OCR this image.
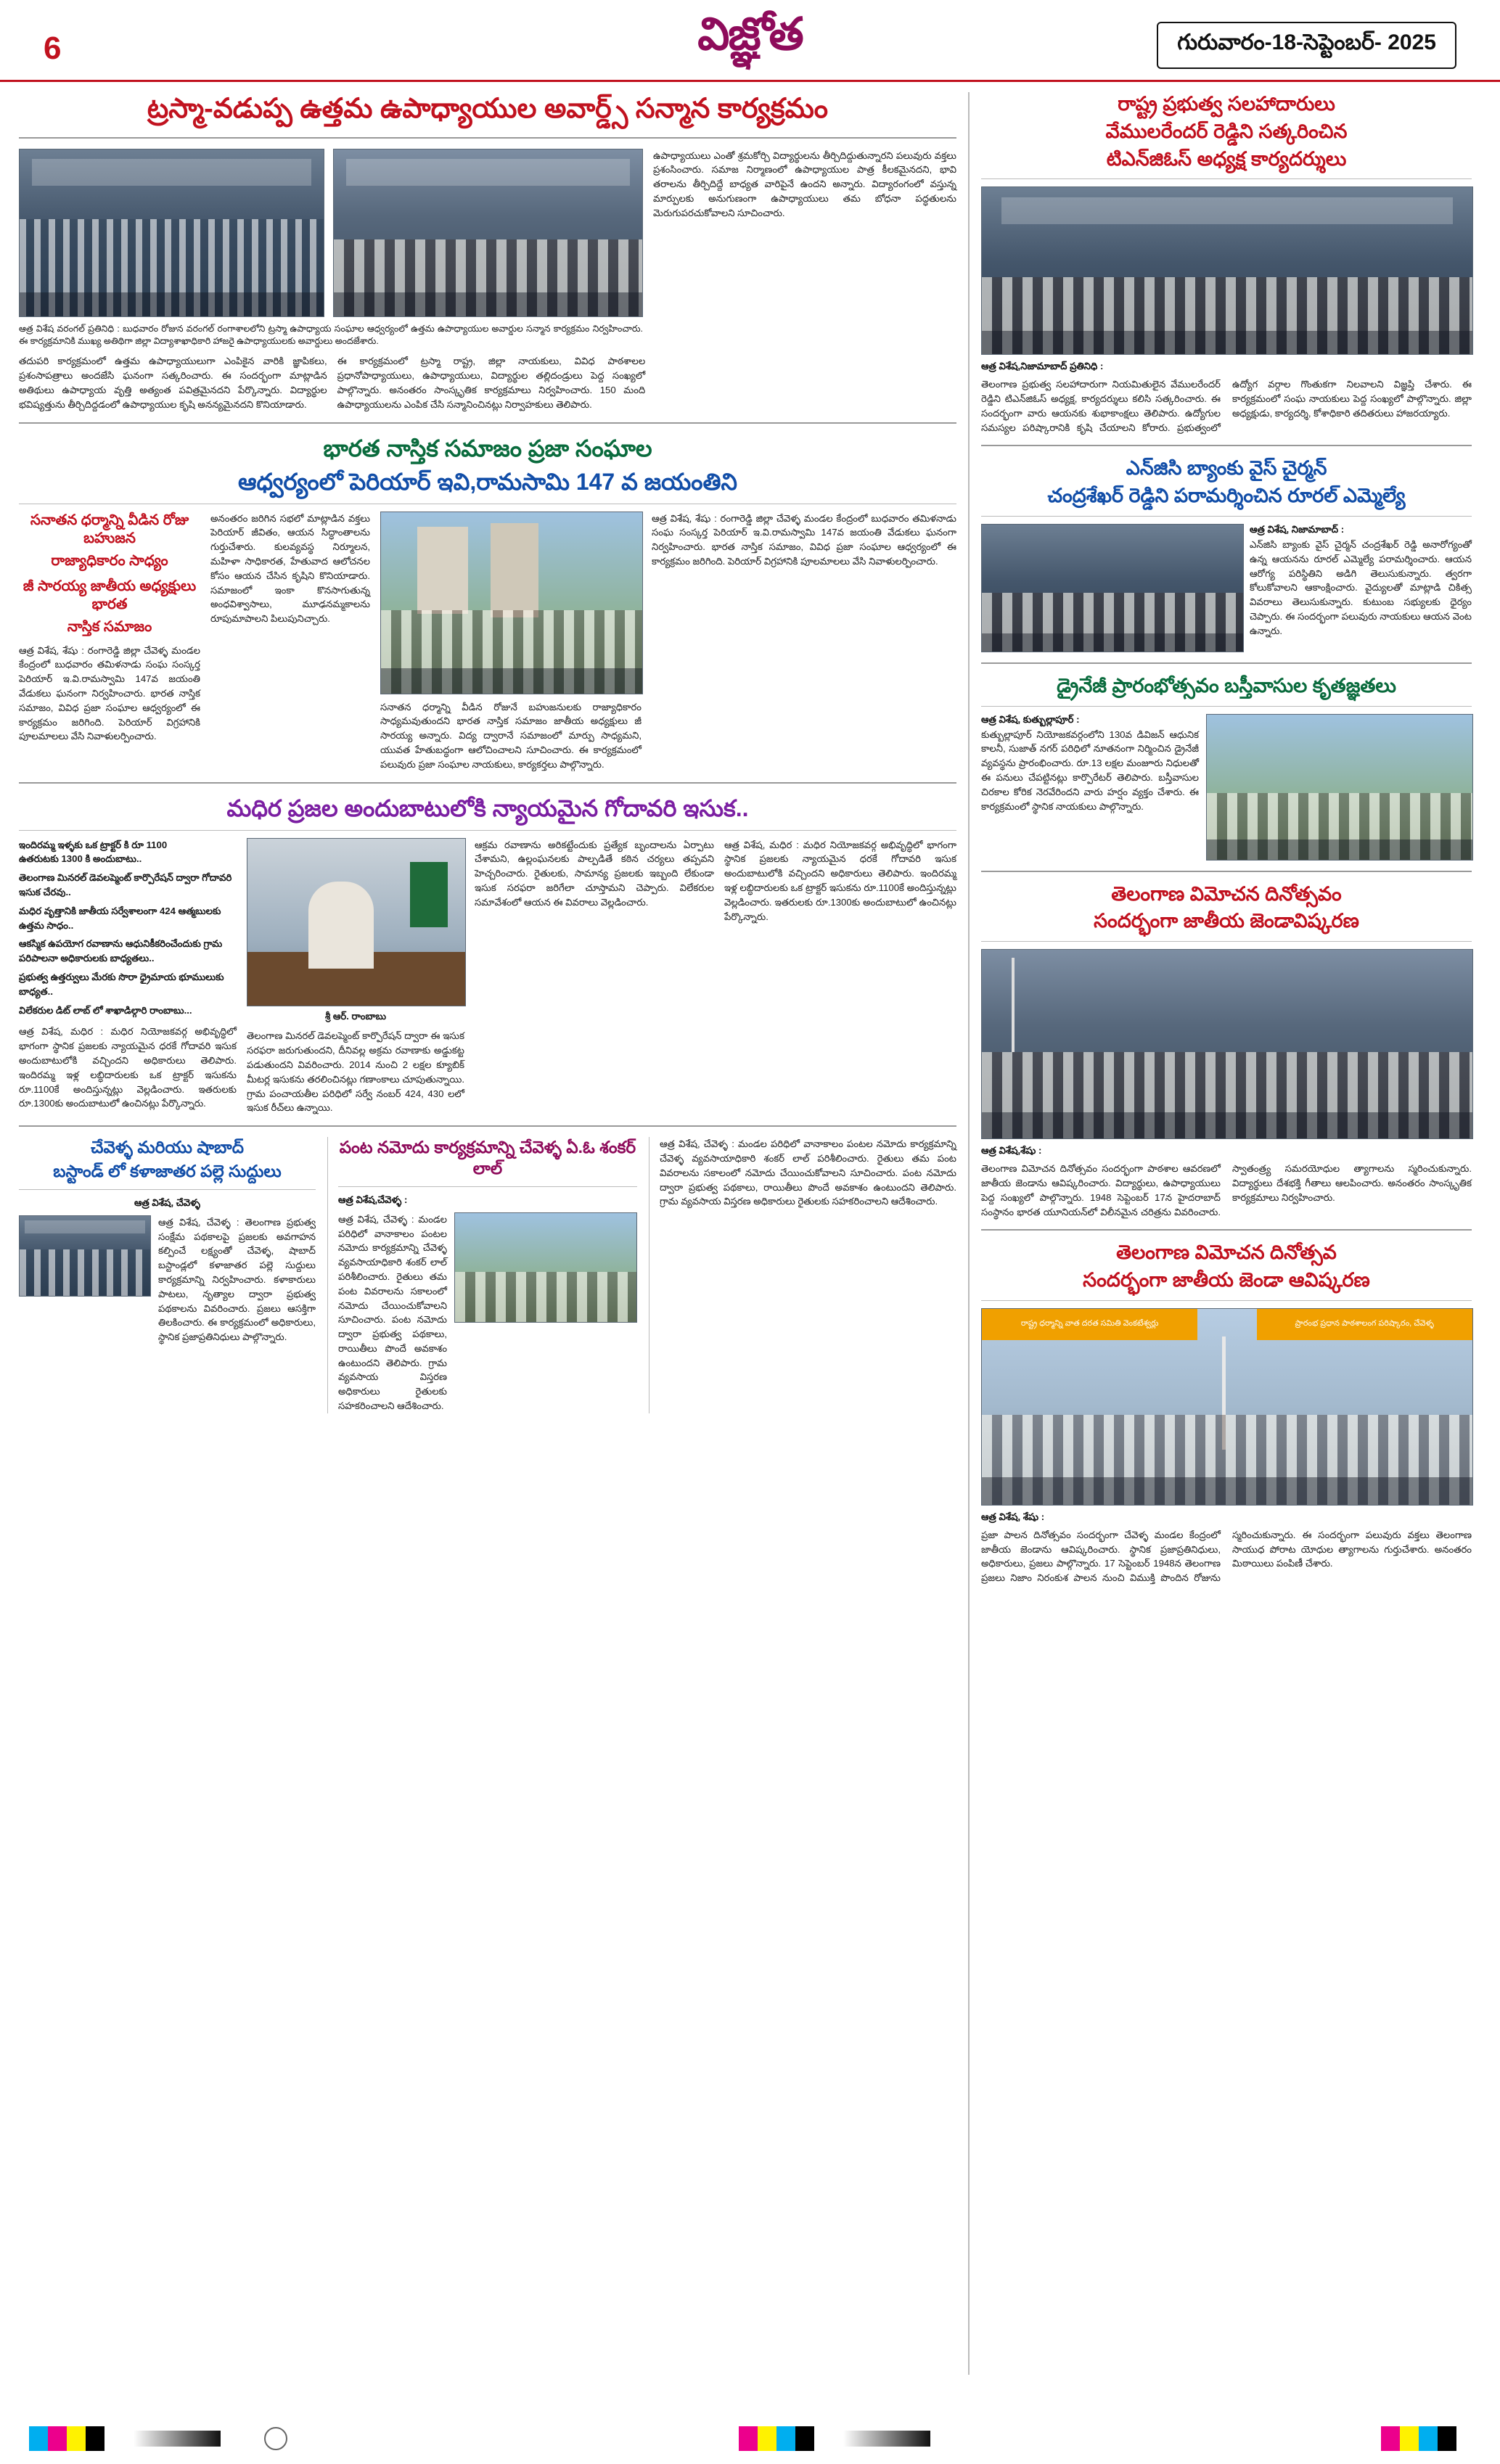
6	విజ్ఞోత	గురువారం-18-సెప్టెంబర్- 2025
ట్రస్మా-వడుప్ప ఉత్తమ ఉపాధ్యాయుల అవార్డ్స్ సన్మాన కార్యక్రమం
ఆత్ర విశేష వరంగల్ ప్రతినిధి : బుధవారం రోజున వరంగల్ రంగాశాలలోని ట్రస్మా ఉపాధ్యాయ సంఘాల ఆధ్వర్యంలో ఉత్తమ ఉపాధ్యాయుల అవార్డుల సన్మాన కార్యక్రమం నిర్వహించారు. ఈ కార్యక్రమానికి ముఖ్య అతిథిగా జిల్లా విద్యాశాఖాధికారి హాజరై ఉపాధ్యాయులకు అవార్డులు అందజేశారు.
ఉపాధ్యాయులు ఎంతో శ్రమకోర్చి విద్యార్థులను తీర్చిదిద్దుతున్నారని పలువురు వక్తలు ప్రశంసించారు. సమాజ నిర్మాణంలో ఉపాధ్యాయుల పాత్ర కీలకమైనదని, భావి తరాలను తీర్చిదిద్దే బాధ్యత వారిపైనే ఉందని అన్నారు. విద్యారంగంలో వస్తున్న మార్పులకు అనుగుణంగా ఉపాధ్యాయులు తమ బోధనా పద్ధతులను మెరుగుపరచుకోవాలని సూచించారు.
తదుపరి కార్యక్రమంలో ఉత్తమ ఉపాధ్యాయులుగా ఎంపికైన వారికి జ్ఞాపికలు, ప్రశంసాపత్రాలు అందజేసి ఘనంగా సత్కరించారు. ఈ సందర్భంగా మాట్లాడిన అతిథులు ఉపాధ్యాయ వృత్తి అత్యంత పవిత్రమైనదని పేర్కొన్నారు. విద్యార్థుల భవిష్యత్తును తీర్చిదిద్దడంలో ఉపాధ్యాయుల కృషి అనన్యమైనదని కొనియాడారు.
ఈ కార్యక్రమంలో ట్రస్మా రాష్ట్ర, జిల్లా నాయకులు, వివిధ పాఠశాలల ప్రధానోపాధ్యాయులు, ఉపాధ్యాయులు, విద్యార్థుల తల్లిదండ్రులు పెద్ద సంఖ్యలో పాల్గొన్నారు. అనంతరం సాంస్కృతిక కార్యక్రమాలు నిర్వహించారు. 150 మంది ఉపాధ్యాయులను ఎంపిక చేసి సన్మానించినట్లు నిర్వాహకులు తెలిపారు.
భారత నాస్తిక సమాజం ప్రజా సంఘాల
ఆధ్వర్యంలో పెరియార్ ఇవి,రామసామి 147 వ జయంతిని
సనాతన ధర్మాన్ని వీడిన రోజు బహుజన
రాజ్యాధికారం సాధ్యం
జీ సారయ్య జాతీయ అధ్యక్షులు భారత
నాస్తిక సమాజం
ఆత్ర విశేష, శేషు : రంగారెడ్డి జిల్లా చేవెళ్ళ మండల కేంద్రంలో బుధవారం తమిళనాడు సంఘ సంస్కర్త పెరియార్ ఇ.వి.రామస్వామి 147వ జయంతి వేడుకలు ఘనంగా నిర్వహించారు. భారత నాస్తిక సమాజం, వివిధ ప్రజా సంఘాల ఆధ్వర్యంలో ఈ కార్యక్రమం జరిగింది. పెరియార్ విగ్రహానికి పూలమాలలు వేసి నివాళులర్పించారు.
అనంతరం జరిగిన సభలో మాట్లాడిన వక్తలు పెరియార్ జీవితం, ఆయన సిద్ధాంతాలను గుర్తుచేశారు. కులవ్యవస్థ నిర్మూలన, మహిళా సాధికారత, హేతువాద ఆలోచనల కోసం ఆయన చేసిన కృషిని కొనియాడారు. సమాజంలో ఇంకా కొనసాగుతున్న అంధవిశ్వాసాలు, మూఢనమ్మకాలను రూపుమాపాలని పిలుపునిచ్చారు.
సనాతన ధర్మాన్ని వీడిన రోజునే బహుజనులకు రాజ్యాధికారం సాధ్యమవుతుందని భారత నాస్తిక సమాజం జాతీయ అధ్యక్షులు జీ సారయ్య అన్నారు. విద్య ద్వారానే సమాజంలో మార్పు సాధ్యమని, యువత హేతుబద్ధంగా ఆలోచించాలని సూచించారు. ఈ కార్యక్రమంలో పలువురు ప్రజా సంఘాల నాయకులు, కార్యకర్తలు పాల్గొన్నారు.
ఆత్ర విశేష, శేషు : రంగారెడ్డి జిల్లా చేవెళ్ళ మండల కేంద్రంలో బుధవారం తమిళనాడు సంఘ సంస్కర్త పెరియార్ ఇ.వి.రామస్వామి 147వ జయంతి వేడుకలు ఘనంగా నిర్వహించారు. భారత నాస్తిక సమాజం, వివిధ ప్రజా సంఘాల ఆధ్వర్యంలో ఈ కార్యక్రమం జరిగింది. పెరియార్ విగ్రహానికి పూలమాలలు వేసి నివాళులర్పించారు.
మధిర ప్రజల అందుబాటులోకి న్యాయమైన గోదావరి ఇసుక..
ఇందిరమ్మ ఇళ్ళకు ఒక ట్రాక్టర్ కి రూ 1100
ఉతరుటకు 1300 కి అందుబాటు..
తెలంగాణ మినరల్ డెవలప్మెంట్ కార్పొరేషన్ ద్వారా గోదావరి ఇసుక చేరవు..
మధిర వృత్తానికి జాతీయ సర్వేశాలంగా 424 ఆత్మబులకు ఉత్తమ సాధం..
ఆకస్మిక ఉపయోగ రవాణాను ఆధునికీకరించేందుకు గ్రామ పరిపాలనా అధికారులకు బాధ్యతలు..
ప్రభుత్వ ఉత్తర్వులు మేరకు సొరా ధ్రైమాయ భూములుకు బాధ్యత..
విలేకరుల డిట్ లాబ్ లో శాఖాడిల్గారి రాంబాబు...
ఆత్ర విశేష, మధిర : మధిర నియోజకవర్గ అభివృద్ధిలో భాగంగా స్థానిక ప్రజలకు న్యాయమైన ధరకే గోదావరి ఇసుక అందుబాటులోకి వచ్చిందని అధికారులు తెలిపారు. ఇందిరమ్మ ఇళ్ల లబ్ధిదారులకు ఒక ట్రాక్టర్ ఇసుకను రూ.1100కే అందిస్తున్నట్లు వెల్లడించారు. ఇతరులకు రూ.1300కు అందుబాటులో ఉంచినట్లు పేర్కొన్నారు.
శ్రీ ఆర్. రాంబాబు
తెలంగాణ మినరల్ డెవలప్మెంట్ కార్పొరేషన్ ద్వారా ఈ ఇసుక సరఫరా జరుగుతుందని, దీనివల్ల అక్రమ రవాణాకు అడ్డుకట్ట పడుతుందని వివరించారు. 2014 నుంచి 2 లక్షల క్యూబిక్ మీటర్ల ఇసుకను తరలించినట్లు గణాంకాలు చూపుతున్నాయి. గ్రామ పంచాయతీల పరిధిలో సర్వే నంబర్ 424, 430 లలో ఇసుక రీచ్‌లు ఉన్నాయి.
ఆక్రమ రవాణాను అరికట్టేందుకు ప్రత్యేక బృందాలను ఏర్పాటు చేశామని, ఉల్లంఘనలకు పాల్పడితే కఠిన చర్యలు తప్పవని హెచ్చరించారు. రైతులకు, సామాన్య ప్రజలకు ఇబ్బంది లేకుండా ఇసుక సరఫరా జరిగేలా చూస్తామని చెప్పారు. విలేకరుల సమావేశంలో ఆయన ఈ వివరాలు వెల్లడించారు.
ఆత్ర విశేష, మధిర : మధిర నియోజకవర్గ అభివృద్ధిలో భాగంగా స్థానిక ప్రజలకు న్యాయమైన ధరకే గోదావరి ఇసుక అందుబాటులోకి వచ్చిందని అధికారులు తెలిపారు. ఇందిరమ్మ ఇళ్ల లబ్ధిదారులకు ఒక ట్రాక్టర్ ఇసుకను రూ.1100కే అందిస్తున్నట్లు వెల్లడించారు. ఇతరులకు రూ.1300కు అందుబాటులో ఉంచినట్లు పేర్కొన్నారు.
చేవెళ్ళ మరియు షాబాద్
బస్టాండ్ లో కళాజాతర పల్లె సుద్దులు
ఆత్ర విశేష, చేవెళ్ళ
ఆత్ర విశేష, చేవెళ్ళ : తెలంగాణ ప్రభుత్వ సంక్షేమ పథకాలపై ప్రజలకు అవగాహన కల్పించే లక్ష్యంతో చేవెళ్ళ, షాబాద్ బస్టాండ్లలో కళాజాతర పల్లె సుద్దులు కార్యక్రమాన్ని నిర్వహించారు. కళాకారులు పాటలు, నృత్యాల ద్వారా ప్రభుత్వ పథకాలను వివరించారు. ప్రజలు ఆసక్తిగా తిలకించారు. ఈ కార్యక్రమంలో అధికారులు, స్థానిక ప్రజాప్రతినిధులు పాల్గొన్నారు.
పంట నమోదు కార్యక్రమాన్ని చేవెళ్ళ ఏ.ఓ శంకర్ లాల్
ఆత్ర విశేష,చేవెళ్ళ :
ఆత్ర విశేష, చేవెళ్ళ : మండల పరిధిలో వానాకాలం పంటల నమోదు కార్యక్రమాన్ని చేవెళ్ళ వ్యవసాయాధికారి శంకర్ లాల్ పరిశీలించారు. రైతులు తమ పంట వివరాలను సకాలంలో నమోదు చేయించుకోవాలని సూచించారు. పంట నమోదు ద్వారా ప్రభుత్వ పథకాలు, రాయితీలు పొందే అవకాశం ఉంటుందని తెలిపారు. గ్రామ వ్యవసాయ విస్తరణ అధికారులు రైతులకు సహకరించాలని ఆదేశించారు.
ఆత్ర విశేష, చేవెళ్ళ : మండల పరిధిలో వానాకాలం పంటల నమోదు కార్యక్రమాన్ని చేవెళ్ళ వ్యవసాయాధికారి శంకర్ లాల్ పరిశీలించారు. రైతులు తమ పంట వివరాలను సకాలంలో నమోదు చేయించుకోవాలని సూచించారు. పంట నమోదు ద్వారా ప్రభుత్వ పథకాలు, రాయితీలు పొందే అవకాశం ఉంటుందని తెలిపారు. గ్రామ వ్యవసాయ విస్తరణ అధికారులు రైతులకు సహకరించాలని ఆదేశించారు.
రాష్ట్ర ప్రభుత్వ సలహాదారులు
వేముల‌రేంద‌ర్ రెడ్డిని సత్కరించిన
టిఎన్‌జిఓస్ అధ్యక్ష కార్యదర్శులు
ఆత్ర విశేష,నిజామాబాద్ ప్రతినిధి :
తెలంగాణ ప్రభుత్వ సలహాదారుగా నియమితులైన వేముల‌రేంద‌ర్ రెడ్డిని టిఎన్‌జిఓస్ అధ్యక్ష, కార్యదర్శులు కలిసి సత్కరించారు. ఈ సందర్భంగా వారు ఆయనకు శుభాకాంక్షలు తెలిపారు. ఉద్యోగుల సమస్యల పరిష్కారానికి కృషి చేయాలని కోరారు. ప్రభుత్వంలో ఉద్యోగ వర్గాల గొంతుకగా నిలవాలని విజ్ఞప్తి చేశారు. ఈ కార్యక్రమంలో సంఘ నాయకులు పెద్ద సంఖ్యలో పాల్గొన్నారు. జిల్లా అధ్యక్షుడు, కార్యదర్శి, కోశాధికారి తదితరులు హాజరయ్యారు.
ఎన్‌జిసి బ్యాంకు వైస్ చైర్మన్
చంద్రశేఖర్ రెడ్డిని పరామర్శించిన రూరల్ ఎమ్మెల్యే
ఆత్ర విశేష, నిజామాబాద్ :
ఎన్‌జిసి బ్యాంకు వైస్ చైర్మన్ చంద్రశేఖర్ రెడ్డి అనారోగ్యంతో ఉన్న ఆయనను రూరల్ ఎమ్మెల్యే పరామర్శించారు. ఆయన ఆరోగ్య పరిస్థితిని అడిగి తెలుసుకున్నారు. త్వరగా కోలుకోవాలని ఆకాంక్షించారు. వైద్యులతో మాట్లాడి చికిత్స వివరాలు తెలుసుకున్నారు. కుటుంబ సభ్యులకు ధైర్యం చెప్పారు. ఈ సందర్భంగా పలువురు నాయకులు ఆయన వెంట ఉన్నారు.
డ్రైనేజీ ప్రారంభోత్సవం బస్తీవాసుల కృతజ్ఞతలు
ఆత్ర విశేష, కుత్బుల్లాపూర్ :
కుత్బుల్లాపూర్ నియోజకవర్గంలోని 130వ డివిజన్ ఆధునిక కాలనీ, సుజాత్ నగర్ పరిధిలో నూతనంగా నిర్మించిన డ్రైనేజీ వ్యవస్థను ప్రారంభించారు. రూ.13 లక్షల మంజూరు నిధులతో ఈ పనులు చేపట్టినట్లు కార్పొరేటర్ తెలిపారు. బస్తీవాసుల చిరకాల కోరిక నెరవేరిందని వారు హర్షం వ్యక్తం చేశారు. ఈ కార్యక్రమంలో స్థానిక నాయకులు పాల్గొన్నారు.
తెలంగాణ విమోచన దినోత్సవం
సందర్భంగా జాతీయ జెండావిష్కరణ
ఆత్ర విశేష,శేషు :
తెలంగాణ విమోచన దినోత్సవం సందర్భంగా పాఠశాల ఆవరణలో జాతీయ జెండాను ఆవిష్కరించారు. విద్యార్థులు, ఉపాధ్యాయులు పెద్ద సంఖ్యలో పాల్గొన్నారు. 1948 సెప్టెంబర్ 17న హైదరాబాద్ సంస్థానం భారత యూనియన్‌లో విలీనమైన చరిత్రను వివరించారు. స్వాతంత్ర్య సమరయోధుల త్యాగాలను స్మరించుకున్నారు. విద్యార్థులు దేశభక్తి గీతాలు ఆలపించారు. అనంతరం సాంస్కృతిక కార్యక్రమాలు నిర్వహించారు.
తెలంగాణ విమోచన దినోత్సవ
సందర్భంగా జాతీయ జెండా ఆవిష్కరణ
రాష్ట్ర ధర్మాన్ని వాత దరత సమితి వెంకటేశ్వర్లు	ప్రారంభ ప్రధాన పాఠశాలంగ పరిష్కారం, చేవెళ్ళ
ఆత్ర విశేష, శేషు :
ప్రజా పాలన దినోత్సవం సందర్భంగా చేవెళ్ళ మండల కేంద్రంలో జాతీయ జెండాను ఆవిష్కరించారు. స్థానిక ప్రజాప్రతినిధులు, అధికారులు, ప్రజలు పాల్గొన్నారు. 17 సెప్టెంబర్ 1948న తెలంగాణ ప్రజలు నిజాం నిరంకుశ పాలన నుంచి విముక్తి పొందిన రోజును స్మరించుకున్నారు. ఈ సందర్భంగా పలువురు వక్తలు తెలంగాణ సాయుధ పోరాట యోధుల త్యాగాలను గుర్తుచేశారు. అనంతరం మిఠాయిలు పంపిణీ చేశారు.
